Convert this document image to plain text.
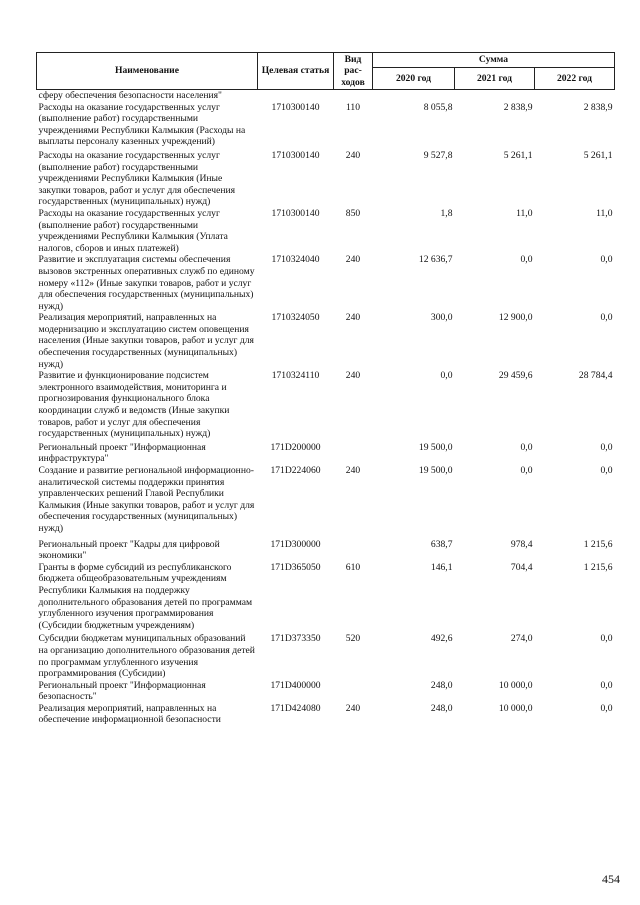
Наименование	Целевая статья	Вид рас-ходов	Сумма		
			2020 год	2021 год	2022 год
сферу обеспечения безопасности населения"					
Расходы на оказание государственных услуг (выполнение работ) государственными учреждениями Республики Калмыкия (Расходы на выплаты персоналу казенных учреждений)	1710300140	110	8 055,8	2 838,9	2 838,9
Расходы на оказание государственных услуг (выполнение работ) государственными учреждениями Республики Калмыкия (Иные закупки товаров, работ и услуг для обеспечения государственных (муниципальных) нужд)	1710300140	240	9 527,8	5 261,1	5 261,1
Расходы на оказание государственных услуг (выполнение работ) государственными учреждениями Республики Калмыкия (Уплата налогов, сборов и иных платежей)	1710300140	850	1,8	11,0	11,0
Развитие и эксплуатация системы обеспечения вызовов экстренных оперативных служб по единому номеру «112» (Иные закупки товаров, работ и услуг для обеспечения государственных (муниципальных) нужд)	1710324040	240	12 636,7	0,0	0,0
Реализация мероприятий, направленных на модернизацию и эксплуатацию систем оповещения населения (Иные закупки товаров, работ и услуг для обеспечения государственных (муниципальных) нужд)	1710324050	240	300,0	12 900,0	0,0
Развитие и функционирование подсистем электронного взаимодействия, мониторинга и прогнозирования функционального блока координации служб и ведомств (Иные закупки товаров, работ и услуг для обеспечения государственных (муниципальных) нужд)	1710324110	240	0,0	29 459,6	28 784,4
Региональный проект "Информационная инфраструктура"	171D200000		19 500,0	0,0	0,0
Создание и развитие региональной информационно-аналитической системы поддержки принятия управленческих решений Главой Республики Калмыкия (Иные закупки товаров, работ и услуг для обеспечения государственных (муниципальных) нужд)	171D224060	240	19 500,0	0,0	0,0
Региональный проект "Кадры для цифровой экономики"	171D300000		638,7	978,4	1 215,6
Гранты в форме субсидий из республиканского бюджета общеобразовательным учреждениям Республики Калмыкия на поддержку дополнительного образования детей по программам углубленного изучения программирования (Субсидии бюджетным учреждениям)	171D365050	610	146,1	704,4	1 215,6
Субсидии бюджетам муниципальных образований на организацию дополнительного образования детей по программам углубленного изучения программирования (Субсидии)	171D373350	520	492,6	274,0	0,0
Региональный проект "Информационная безопасность"	171D400000		248,0	10 000,0	0,0
Реализация мероприятий, направленных на обеспечение информационной безопасности	171D424080	240	248,0	10 000,0	0,0
454
